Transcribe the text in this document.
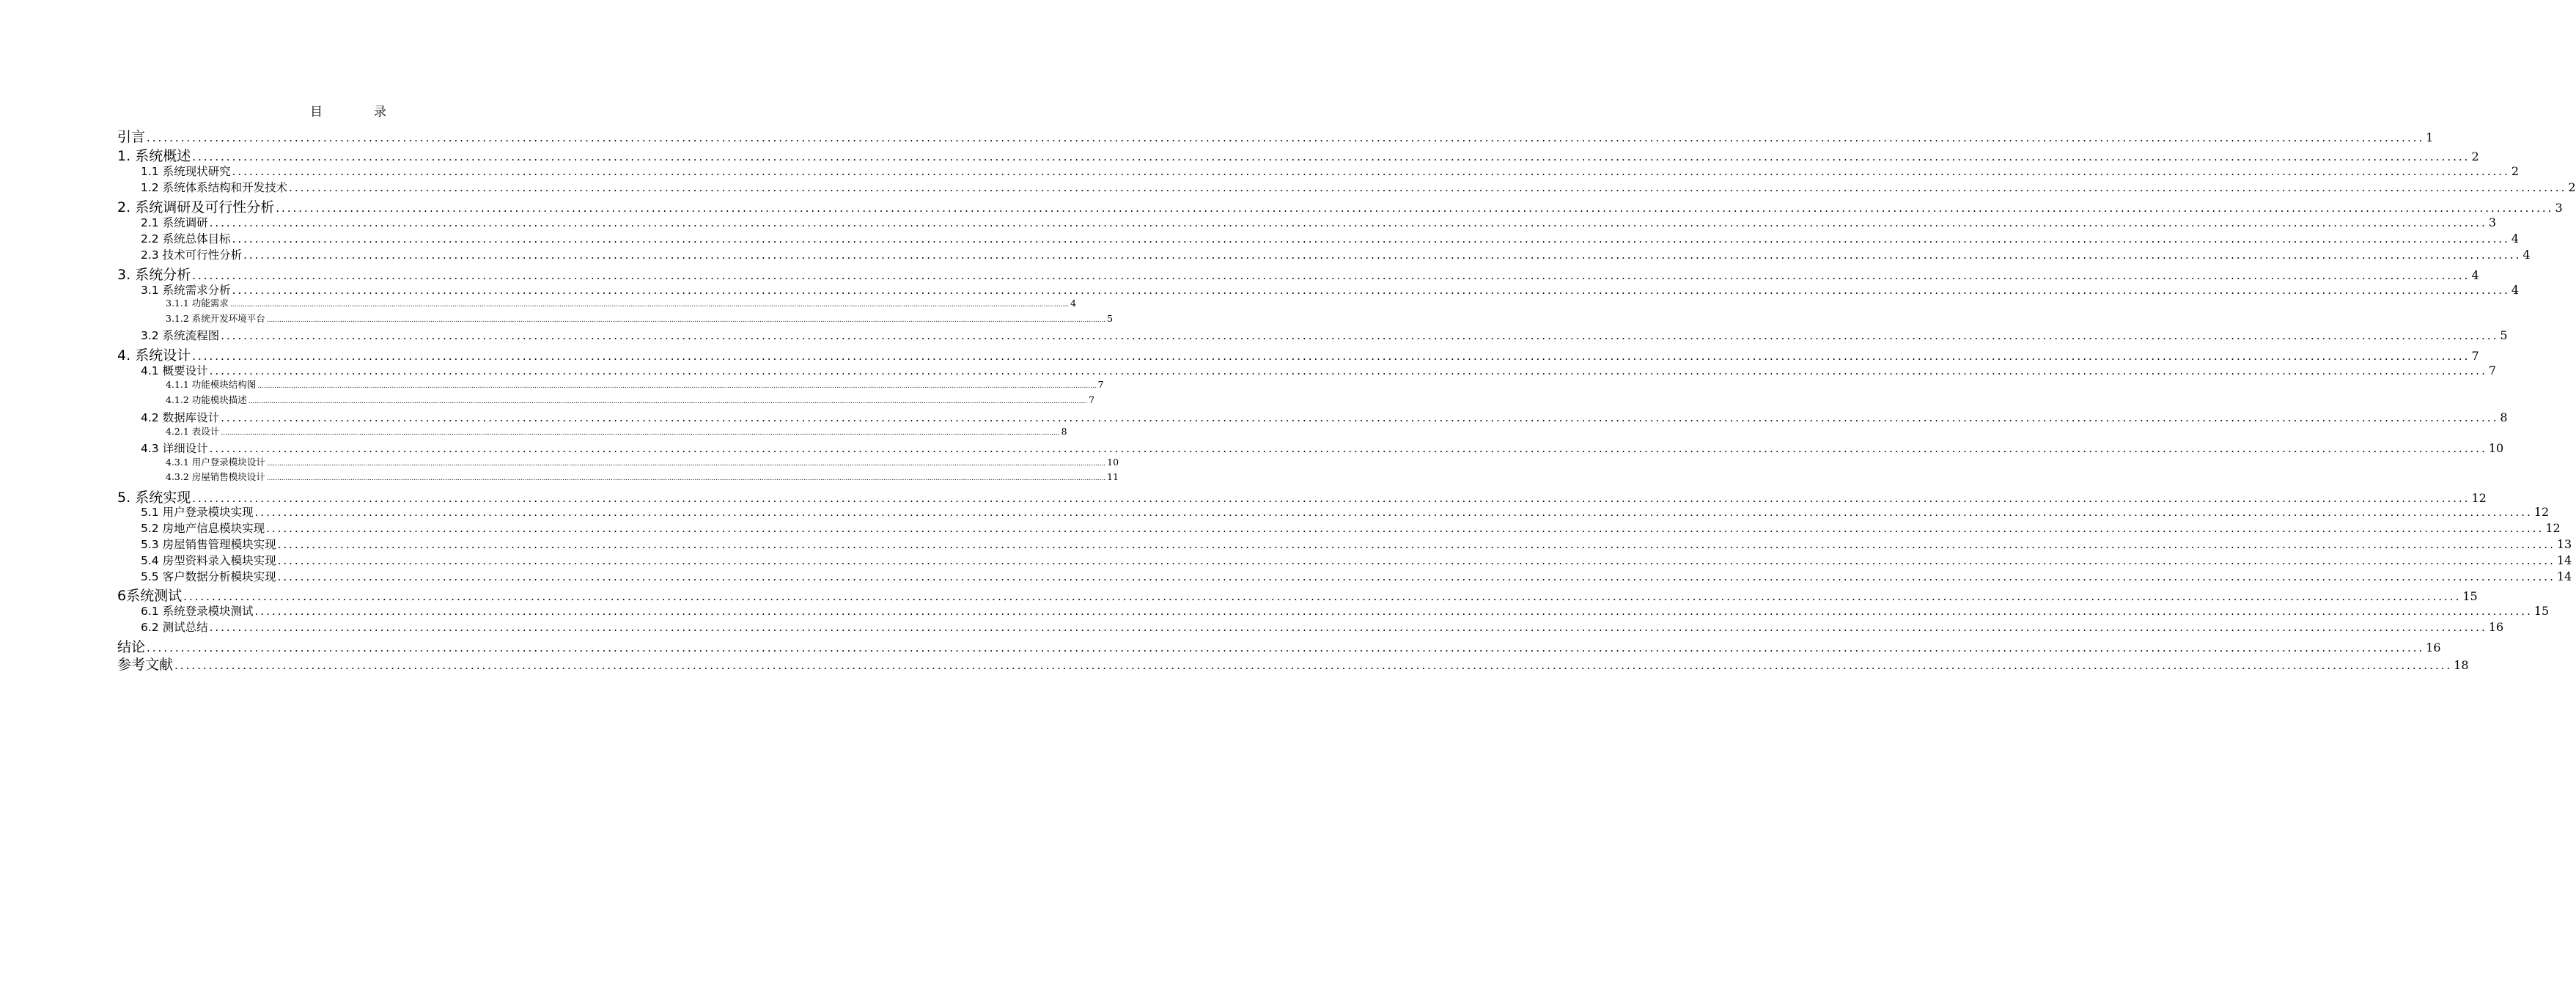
目录
引言 ................................................................................................................................................................................................................................................................................................................................................................................................................ 1
1. 系统概述 ................................................................................................................................................................................................................................................................................................................................................................................................................ 2
1.1 系统现状研究 ................................................................................................................................................................................................................................................................................................................................................................................................................ 2
1.2 系统体系结构和开发技术 ................................................................................................................................................................................................................................................................................................................................................................................................................ 2
2. 系统调研及可行性分析 ................................................................................................................................................................................................................................................................................................................................................................................................................ 3
2.1 系统调研 ................................................................................................................................................................................................................................................................................................................................................................................................................ 3
2.2 系统总体目标 ................................................................................................................................................................................................................................................................................................................................................................................................................ 4
2.3 技术可行性分析 ................................................................................................................................................................................................................................................................................................................................................................................................................ 4
3. 系统分析 ................................................................................................................................................................................................................................................................................................................................................................................................................ 4
3.1 系统需求分析 ................................................................................................................................................................................................................................................................................................................................................................................................................ 4
3.1.1 功能需求 ................................................................................................................................................................................................................................................................................................................................................................................................................ 4
3.1.2 系统开发环境平台 ................................................................................................................................................................................................................................................................................................................................................................................................................ 5
3.2 系统流程图 ................................................................................................................................................................................................................................................................................................................................................................................................................ 5
4. 系统设计 ................................................................................................................................................................................................................................................................................................................................................................................................................ 7
4.1 概要设计 ................................................................................................................................................................................................................................................................................................................................................................................................................ 7
4.1.1 功能模块结构图 ................................................................................................................................................................................................................................................................................................................................................................................................................ 7
4.1.2 功能模块描述 ................................................................................................................................................................................................................................................................................................................................................................................................................ 7
4.2 数据库设计 ................................................................................................................................................................................................................................................................................................................................................................................................................ 8
4.2.1 表设计 ................................................................................................................................................................................................................................................................................................................................................................................................................ 8
4.3 详细设计 ................................................................................................................................................................................................................................................................................................................................................................................................................ 10
4.3.1 用户登录模块设计 ................................................................................................................................................................................................................................................................................................................................................................................................................ 10
4.3.2 房屋销售模块设计 ................................................................................................................................................................................................................................................................................................................................................................................................................ 11
5. 系统实现 ................................................................................................................................................................................................................................................................................................................................................................................................................ 12
5.1 用户登录模块实现 ................................................................................................................................................................................................................................................................................................................................................................................................................ 12
5.2 房地产信息模块实现 ................................................................................................................................................................................................................................................................................................................................................................................................................ 12
5.3 房屋销售管理模块实现 ................................................................................................................................................................................................................................................................................................................................................................................................................ 13
5.4 房型资料录入模块实现 ................................................................................................................................................................................................................................................................................................................................................................................................................ 14
5.5 客户数据分析模块实现 ................................................................................................................................................................................................................................................................................................................................................................................................................ 14
6系统测试 ................................................................................................................................................................................................................................................................................................................................................................................................................ 15
6.1 系统登录模块测试 ................................................................................................................................................................................................................................................................................................................................................................................................................ 15
6.2 测试总结 ................................................................................................................................................................................................................................................................................................................................................................................................................ 16
结论 ................................................................................................................................................................................................................................................................................................................................................................................................................ 16
参考文献 ................................................................................................................................................................................................................................................................................................................................................................................................................ 18
